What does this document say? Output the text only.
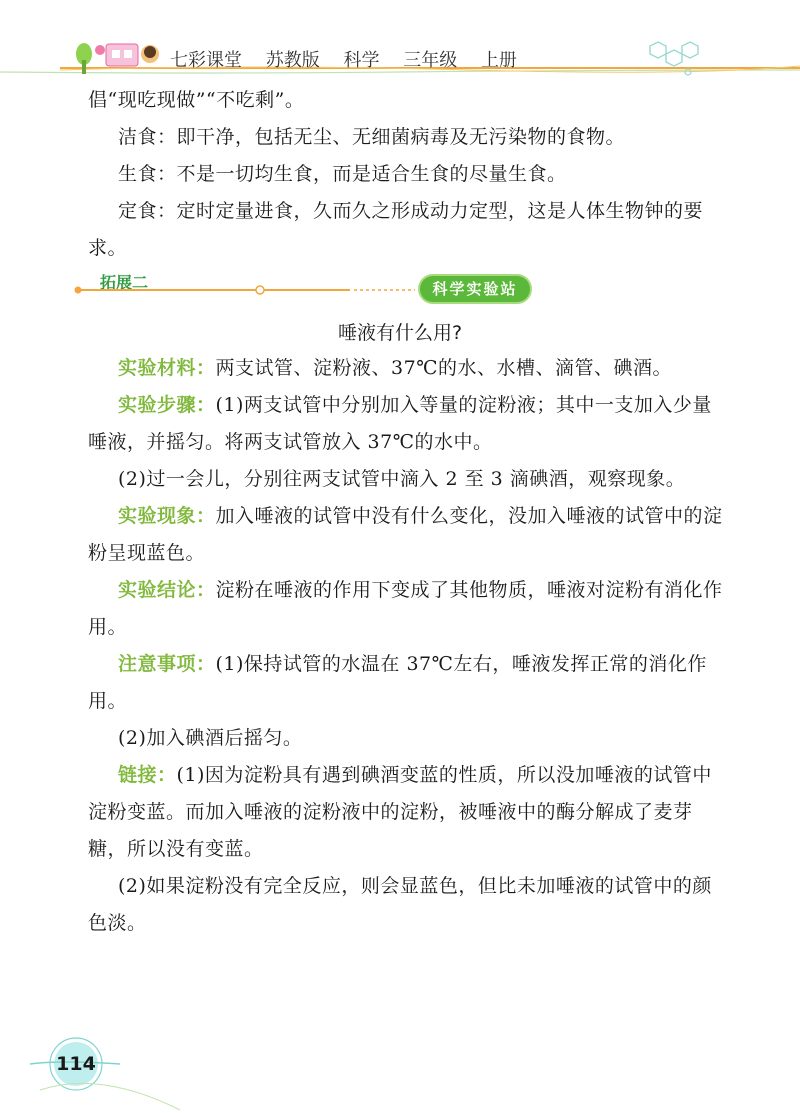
七彩课堂 苏教版 科学 三年级 上册
倡“现吃现做”“不吃剩”。
洁食：即干净，包括无尘、无细菌病毒及无污染物的食物。
生食：不是一切均生食，而是适合生食的尽量生食。
定食：定时定量进食，久而久之形成动力定型，这是人体生物钟的要求。
拓展二	科学实验站
唾液有什么用?
实验材料：两支试管、淀粉液、37℃的水、水槽、滴管、碘酒。
实验步骤：(1)两支试管中分别加入等量的淀粉液；其中一支加入少量唾液，并摇匀。将两支试管放入 37℃的水中。
(2)过一会儿，分别往两支试管中滴入 2 至 3 滴碘酒，观察现象。
实验现象：加入唾液的试管中没有什么变化，没加入唾液的试管中的淀粉呈现蓝色。
实验结论：淀粉在唾液的作用下变成了其他物质，唾液对淀粉有消化作用。
注意事项：(1)保持试管的水温在 37℃左右，唾液发挥正常的消化作用。
(2)加入碘酒后摇匀。
链接：(1)因为淀粉具有遇到碘酒变蓝的性质，所以没加唾液的试管中淀粉变蓝。而加入唾液的淀粉液中的淀粉，被唾液中的酶分解成了麦芽糖，所以没有变蓝。
(2)如果淀粉没有完全反应，则会显蓝色，但比未加唾液的试管中的颜色淡。
114
